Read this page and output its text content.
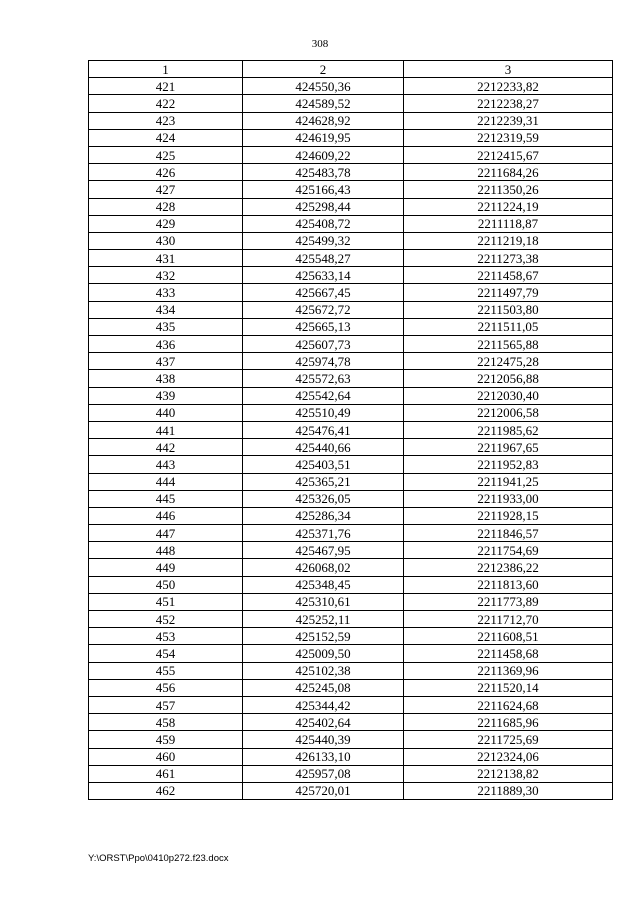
308
1	2	3
421	424550,36	2212233,82
422	424589,52	2212238,27
423	424628,92	2212239,31
424	424619,95	2212319,59
425	424609,22	2212415,67
426	425483,78	2211684,26
427	425166,43	2211350,26
428	425298,44	2211224,19
429	425408,72	2211118,87
430	425499,32	2211219,18
431	425548,27	2211273,38
432	425633,14	2211458,67
433	425667,45	2211497,79
434	425672,72	2211503,80
435	425665,13	2211511,05
436	425607,73	2211565,88
437	425974,78	2212475,28
438	425572,63	2212056,88
439	425542,64	2212030,40
440	425510,49	2212006,58
441	425476,41	2211985,62
442	425440,66	2211967,65
443	425403,51	2211952,83
444	425365,21	2211941,25
445	425326,05	2211933,00
446	425286,34	2211928,15
447	425371,76	2211846,57
448	425467,95	2211754,69
449	426068,02	2212386,22
450	425348,45	2211813,60
451	425310,61	2211773,89
452	425252,11	2211712,70
453	425152,59	2211608,51
454	425009,50	2211458,68
455	425102,38	2211369,96
456	425245,08	2211520,14
457	425344,42	2211624,68
458	425402,64	2211685,96
459	425440,39	2211725,69
460	426133,10	2212324,06
461	425957,08	2212138,82
462	425720,01	2211889,30
Y:\ORST\Ppo\0410p272.f23.docx
